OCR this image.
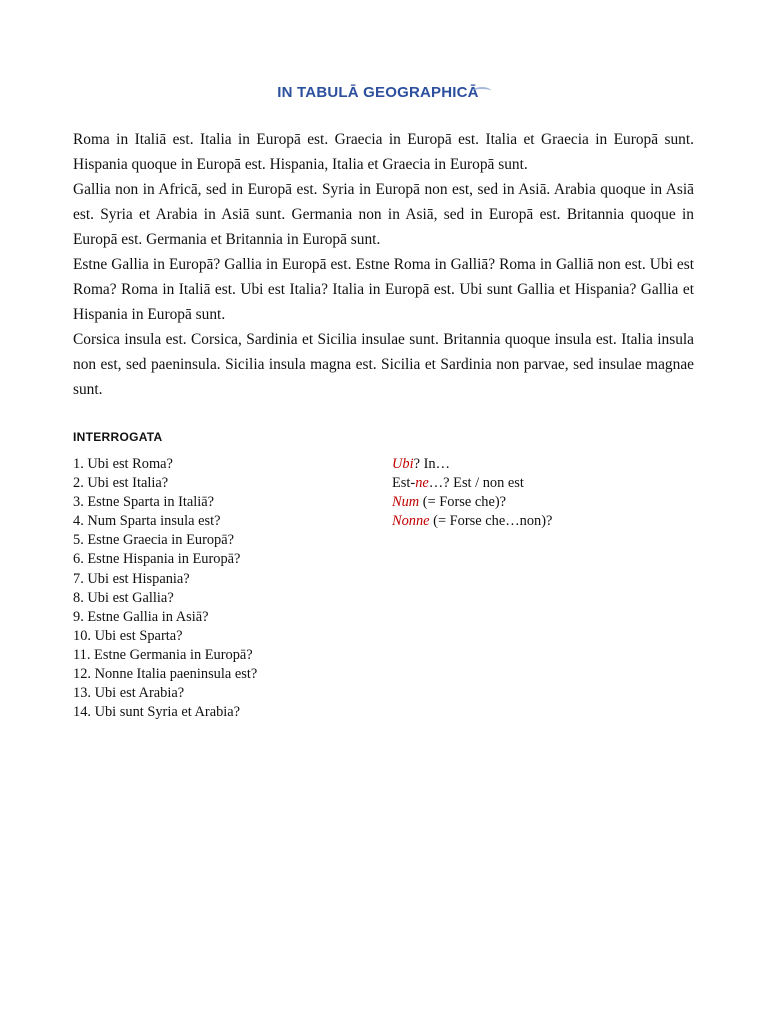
IN TABULĀ GEOGRAPHICĀ

Roma in Italiā est. Italia in Europā est. Graecia in Europā est. Italia et Graecia in Europā sunt. Hispania quoque in Europā est. Hispania, Italia et Graecia in Europā sunt.

Gallia non in Africā, sed in Europā est. Syria in Europā non est, sed in Asiā. Arabia quoque in Asiā est. Syria et Arabia in Asiā sunt. Germania non in Asiā, sed in Europā est. Britannia quoque in Europā est. Germania et Britannia in Europā sunt.

Estne Gallia in Europā? Gallia in Europā est. Estne Roma in Galliā? Roma in Galliā non est. Ubi est Roma? Roma in Italiā est. Ubi est Italia? Italia in Europā est. Ubi sunt Gallia et Hispania? Gallia et Hispania in Europā sunt.

Corsica insula est. Corsica, Sardinia et Sicilia insulae sunt. Britannia quoque insula est. Italia insula non est, sed paeninsula. Sicilia insula magna est. Sicilia et Sardinia non parvae, sed insulae magnae sunt.

INTERROGATA
1. Ubi est Roma?
2. Ubi est Italia?
3. Estne Sparta in Italiā?
4. Num Sparta insula est?
5. Estne Graecia in Europā?
6. Estne Hispania in Europā?
7. Ubi est Hispania?
8. Ubi est Gallia?
9. Estne Gallia in Asiā?
10. Ubi est Sparta?
11. Estne Germania in Europā?
12. Nonne Italia paeninsula est?
13. Ubi est Arabia?
14. Ubi sunt Syria et Arabia?
Ubi? In…
Est-ne…? Est / non est
Num (= Forse che)?
Nonne (= Forse che…non)?
